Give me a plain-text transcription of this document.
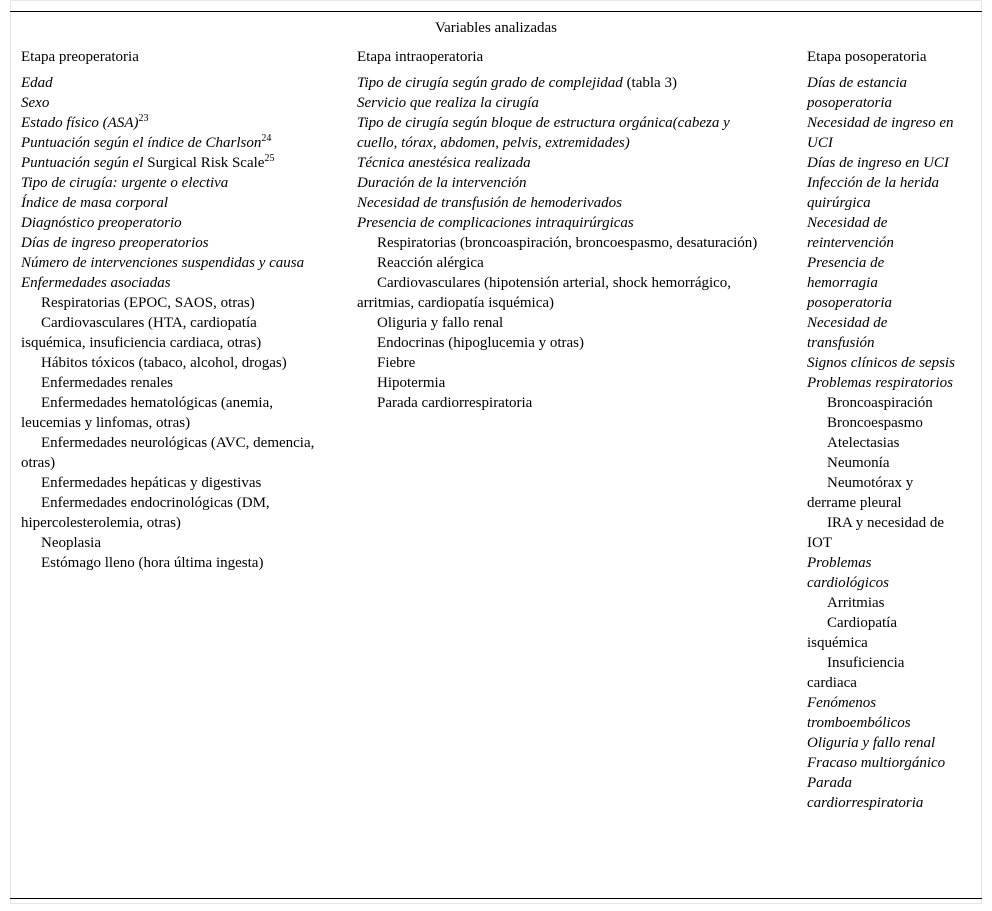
Variables analizadas
Etapa preoperatoria
Edad
Sexo
Estado físico (ASA)$^{23}$
Puntuación según el índice de Charlson$^{24}$
Puntuación según el Surgical Risk Scale$^{25}$
Tipo de cirugía: urgente o electiva
Índice de masa corporal
Diagnóstico preoperatorio
Días de ingreso preoperatorios
Número de intervenciones suspendidas y causa
Enfermedades asociadas
Respiratorias (EPOC, SAOS, otras)
Cardiovasculares (HTA, cardiopatía isquémica, insuficiencia cardiaca, otras)
Hábitos tóxicos (tabaco, alcohol, drogas)
Enfermedades renales
Enfermedades hematológicas (anemia, leucemias y linfomas, otras)
Enfermedades neurológicas (AVC, demencia, otras)
Enfermedades hepáticas y digestivas
Enfermedades endocrinológicas (DM, hipercolesterolemia, otras)
Neoplasia
Estómago lleno (hora última ingesta)
Etapa intraoperatoria
Tipo de cirugía según grado de complejidad (tabla 3)
Servicio que realiza la cirugía
Tipo de cirugía según bloque de estructura orgánica(cabeza y cuello, tórax, abdomen, pelvis, extremidades)
Técnica anestésica realizada
Duración de la intervención
Necesidad de transfusión de hemoderivados
Presencia de complicaciones intraquirúrgicas
Respiratorias (broncoaspiración, broncoespasmo, desaturación)
Reacción alérgica
Cardiovasculares (hipotensión arterial, shock hemorrágico, arritmias, cardiopatía isquémica)
Oliguria y fallo renal
Endocrinas (hipoglucemia y otras)
Fiebre
Hipotermia
Parada cardiorrespiratoria
Etapa posoperatoria
Días de estancia posoperatoria
Necesidad de ingreso en UCI
Días de ingreso en UCI
Infección de la herida quirúrgica
Necesidad de reintervención
Presencia de hemorragia posoperatoria
Necesidad de transfusión
Signos clínicos de sepsis
Problemas respiratorios
Broncoaspiración
Broncoespasmo
Atelectasias
Neumonía
Neumotórax y derrame pleural
IRA y necesidad de IOT
Problemas cardiológicos
Arritmias
Cardiopatía isquémica
Insuficiencia cardiaca
Fenómenos tromboembólicos
Oliguria y fallo renal
Fracaso multiorgánico
Parada cardiorrespiratoria
